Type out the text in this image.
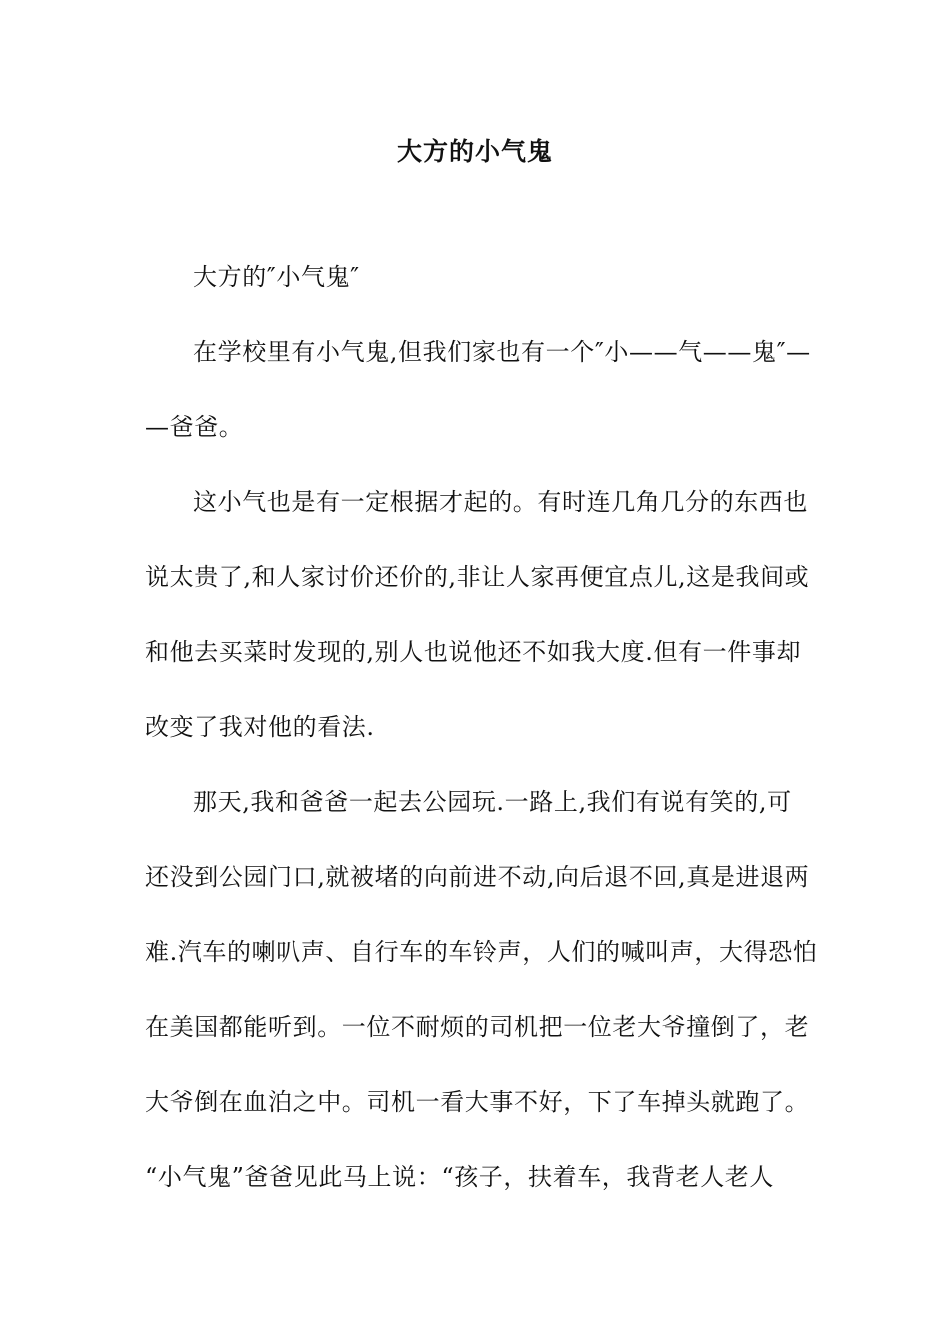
大方的小气鬼
大方的″小气鬼″
在学校里有小气鬼,但我们家也有一个″小——气——鬼″—
—爸爸。
这小气也是有一定根据才起的。有时连几角几分的东西也
说太贵了,和人家讨价还价的,非让人家再便宜点儿,这是我间或
和他去买菜时发现的,别人也说他还不如我大度.但有一件事却
改变了我对他的看法.
那天,我和爸爸一起去公园玩.一路上,我们有说有笑的,可
还没到公园门口,就被堵的向前进不动,向后退不回,真是进退两
难.汽车的喇叭声、自行车的车铃声，人们的喊叫声，大得恐怕
在美国都能听到。一位不耐烦的司机把一位老大爷撞倒了，老
大爷倒在血泊之中。司机一看大事不好，下了车掉头就跑了。
“小气鬼”爸爸见此马上说：“孩子，扶着车，我背老人老人
